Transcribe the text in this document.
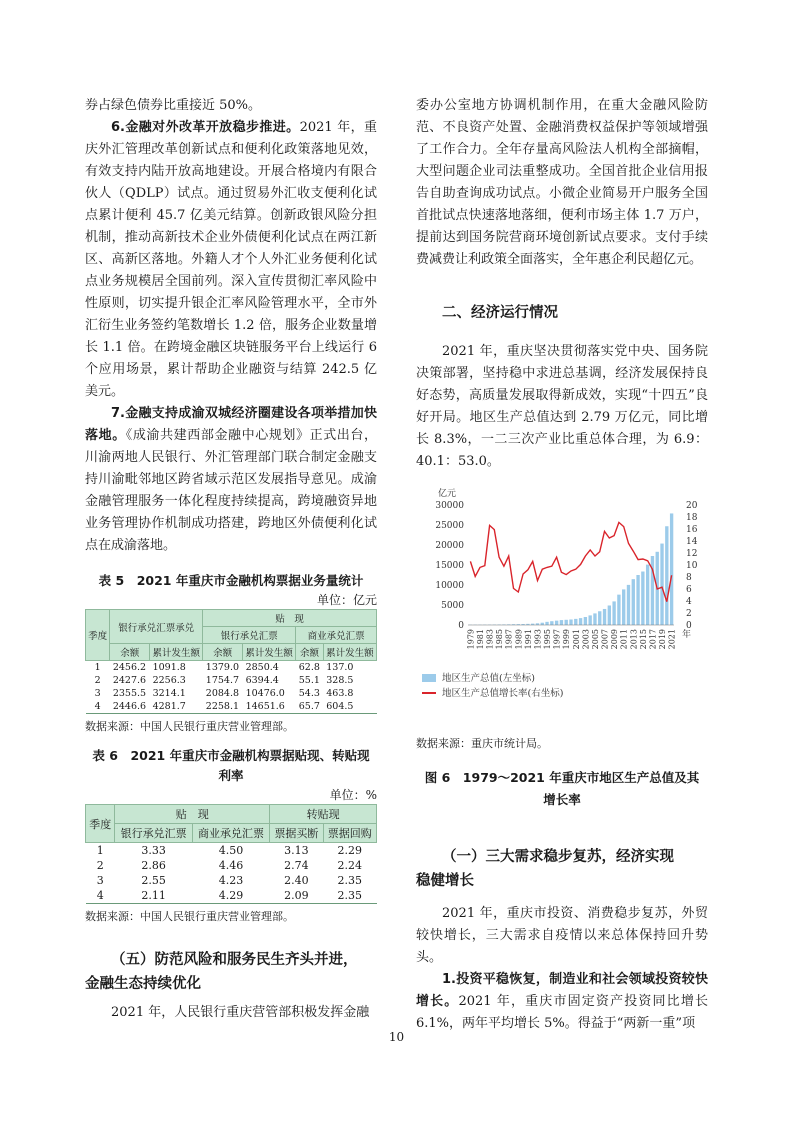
券占绿色债券比重接近 50%。

6.金融对外改革开放稳步推进。2021 年，重庆外汇管理改革创新试点和便利化政策落地见效，有效支持内陆开放高地建设。开展合格境内有限合伙人（QDLP）试点。通过贸易外汇收支便利化试点累计便利 45.7 亿美元结算。创新政银风险分担机制，推动高新技术企业外债便利化试点在两江新区、高新区落地。外籍人才个人外汇业务便利化试点业务规模居全国前列。深入宣传贯彻汇率风险中性原则，切实提升银企汇率风险管理水平，全市外汇衍生业务签约笔数增长 1.2 倍，服务企业数量增长 1.1 倍。在跨境金融区块链服务平台上线运行 6 个应用场景，累计帮助企业融资与结算 242.5 亿美元。

7.金融支持成渝双城经济圈建设各项举措加快落地。《成渝共建西部金融中心规划》正式出台，川渝两地人民银行、外汇管理部门联合制定金融支持川渝毗邻地区跨省域示范区发展指导意见。成渝金融管理服务一体化程度持续提高，跨境融资异地业务管理协作机制成功搭建，跨地区外债便利化试点在成渝落地。

表 5　2021 年重庆市金融机构票据业务量统计
单位：亿元
季度	银行承兑汇票承兑		贴　现			
			银行承兑汇票		商业承兑汇票	
	余额	累计发生额	余额	累计发生额	余额	累计发生额
1	2456.2	1091.8	1379.0	2850.4	62.8	137.0
2	2427.6	2256.3	1754.7	6394.4	55.1	328.5
3	2355.5	3214.1	2084.8	10476.0	54.3	463.8
4	2446.6	4281.7	2258.1	14651.6	65.7	604.5
数据来源：中国人民银行重庆营业管理部。
表 6　2021 年重庆市金融机构票据贴现、转贴现
利率
单位：%
季度	贴　现		转贴现	
	银行承兑汇票	商业承兑汇票	票据买断	票据回购
1	3.33	4.50	3.13	2.29
2	2.86	4.46	2.74	2.24
3	2.55	4.23	2.40	2.35
4	2.11	4.29	2.09	2.35
数据来源：中国人民银行重庆营业管理部。
（五）防范风险和服务民生齐头并进，
金融生态持续优化

2021 年，人民银行重庆营管部积极发挥金融

委办公室地方协调机制作用，在重大金融风险防范、不良资产处置、金融消费权益保护等领域增强了工作合力。全年存量高风险法人机构全部摘帽，大型问题企业司法重整成功。全国首批企业信用报告自助查询成功试点。小微企业简易开户服务全国首批试点快速落地落细，便利市场主体 1.7 万户，提前达到国务院营商环境创新试点要求。支付手续费减费让利政策全面落实，全年惠企利民超亿元。

二、经济运行情况

2021 年，重庆坚决贯彻落实党中央、国务院决策部署，坚持稳中求进总基调，经济发展保持良好态势，高质量发展取得新成效，实现“十四五”良好开局。地区生产总值达到 2.79 万亿元，同比增长 8.3%，一二三次产业比重总体合理，为 6.9：40.1：53.0。

亿元
0
5000
10000
15000
20000
25000
30000
0
2
4
6
8
10
12
14
16
18
20
1979 1981 1983 1985 1987 1989 1991 1993 1995 1997 1999 2001 2003 2005 2007 2009 2011 2013 2015 2017 2019 2021 年
地区生产总值(左坐标)
地区生产总值增长率(右坐标)
数据来源：重庆市统计局。
图 6　1979～2021 年重庆市地区生产总值及其
增长率
（一）三大需求稳步复苏，经济实现
稳健增长

2021 年，重庆市投资、消费稳步复苏，外贸较快增长，三大需求自疫情以来总体保持回升势头。

1.投资平稳恢复，制造业和社会领域投资较快增长。2021 年，重庆市固定资产投资同比增长 6.1%，两年平均增长 5%。得益于“两新一重”项

10
